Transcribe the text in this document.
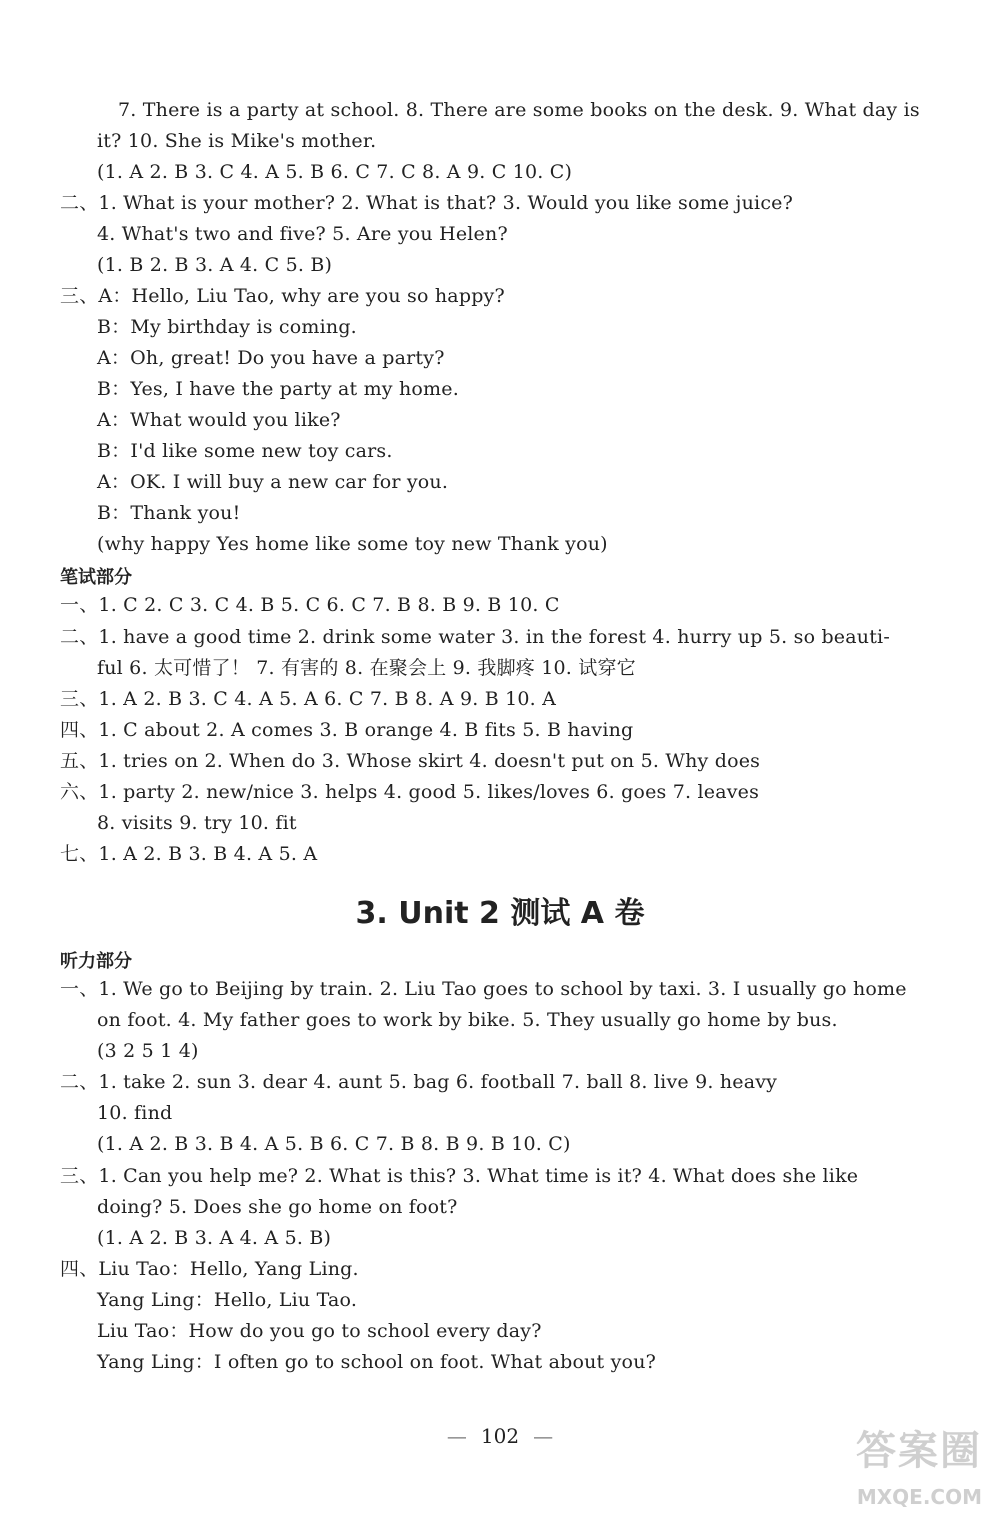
7. There is a party at school. 8. There are some books on the desk. 9. What day is
it? 10. She is Mike's mother.
(1. A 2. B 3. C 4. A 5. B 6. C 7. C 8. A 9. C 10. C)
二、1. What is your mother? 2. What is that? 3. Would you like some juice?
4. What's two and five? 5. Are you Helen?
(1. B 2. B 3. A 4. C 5. B)
三、A：Hello, Liu Tao, why are you so happy?
B：My birthday is coming.
A：Oh, great! Do you have a party?
B：Yes, I have the party at my home.
A：What would you like?
B：I'd like some new toy cars.
A：OK. I will buy a new car for you.
B：Thank you!
(why happy Yes home like some toy new Thank you)
一、1. C 2. C 3. C 4. B 5. C 6. C 7. B 8. B 9. B 10. C
二、1. have a good time 2. drink some water 3. in the forest 4. hurry up 5. so beauti-
ful 6. 太可惜了！ 7. 有害的 8. 在聚会上 9. 我脚疼 10. 试穿它
三、1. A 2. B 3. C 4. A 5. A 6. C 7. B 8. A 9. B 10. A
四、1. C about 2. A comes 3. B orange 4. B fits 5. B having
五、1. tries on 2. When do 3. Whose skirt 4. doesn't put on 5. Why does
六、1. party 2. new/nice 3. helps 4. good 5. likes/loves 6. goes 7. leaves
8. visits 9. try 10. fit
七、1. A 2. B 3. B 4. A 5. A
一、1. We go to Beijing by train. 2. Liu Tao goes to school by taxi. 3. I usually go home
on foot. 4. My father goes to work by bike. 5. They usually go home by bus.
(3 2 5 1 4)
二、1. take 2. sun 3. dear 4. aunt 5. bag 6. football 7. ball 8. live 9. heavy
10. find
(1. A 2. B 3. B 4. A 5. B 6. C 7. B 8. B 9. B 10. C)
三、1. Can you help me? 2. What is this? 3. What time is it? 4. What does she like
doing? 5. Does she go home on foot?
(1. A 2. B 3. A 4. A 5. B)
四、Liu Tao：Hello, Yang Ling.
Yang Ling：Hello, Liu Tao.
Liu Tao：How do you go to school every day?
Yang Ling：I often go to school on foot. What about you?
笔试部分
3. Unit 2 测试 A 卷
听力部分
— 102 —	答案圈
MXQE.COM
